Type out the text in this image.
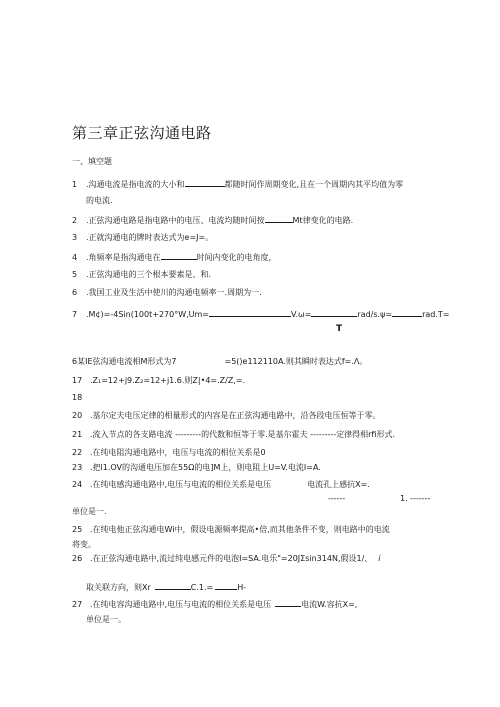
第三章正弦沟通电路
一、填空题
1 .沟通电流是指电流的大小和	都随时间作周期变化,且在一个周期内其平均值为零
的电流.
2 .正弦沟通电路是指电路中的电压、电流均随时间按	Mt律变化的电路.
3 .正就沟通电的牌时表达式为e=J=。
4 .角频率是指沟通电在	时间内变化的电角度，
5 .正弦沟通电的三个根本要素是、和.
6 .我国工业及生活中使川的沟通电频率一.周期为一.
7 .M¢)=-4Sin(100t+270°W,Um=	V.ω=	rad/s.ψ=	rad.T=
T
6某IE弦沟通电流相M形式为7	=5()e112110A.则其瞬时表达式f=.Λ。
17 .Z₁=12+j9.Z₂=12+j1.6.则Z|•4=.Z/Z,=.
18
20 .基尔定夫电压定律的相量形式的内容是在正弦沟通电路中，沿各段电压恒等于零。
21 .流入节点的各支路电流 ---------的代数和恒等于零.是基尔霍夫 ---------定律得相rfi形式.
22 .在纯电阻沟通电路中，电压与电流的相位关系是0
23 .把l1.OV的沟通电压加在55Ω的电]M上，则电阻上U=V.电流I=A.
24 .在纯电感沟通电路中,电压与电流的相位关系是电压	电流孔上感抗X=.
------	1. -------
单位是一.
25 .在纯电他正弦沟通电Wi中，假设电源频率提高•倍,而其他条件不变，则电路中的电流
将变。
26 .在正弦沟通电路中,流过纯电感元件的电泡I=SA.电乐"=20JΣsin314N,假设1/、 i
取关联方向，则Xr	C.1.=	H-
27 .在纯电容沟通电路中,电压与电流的相位关系是电压	电流W.容抗X=,
单位是一。
